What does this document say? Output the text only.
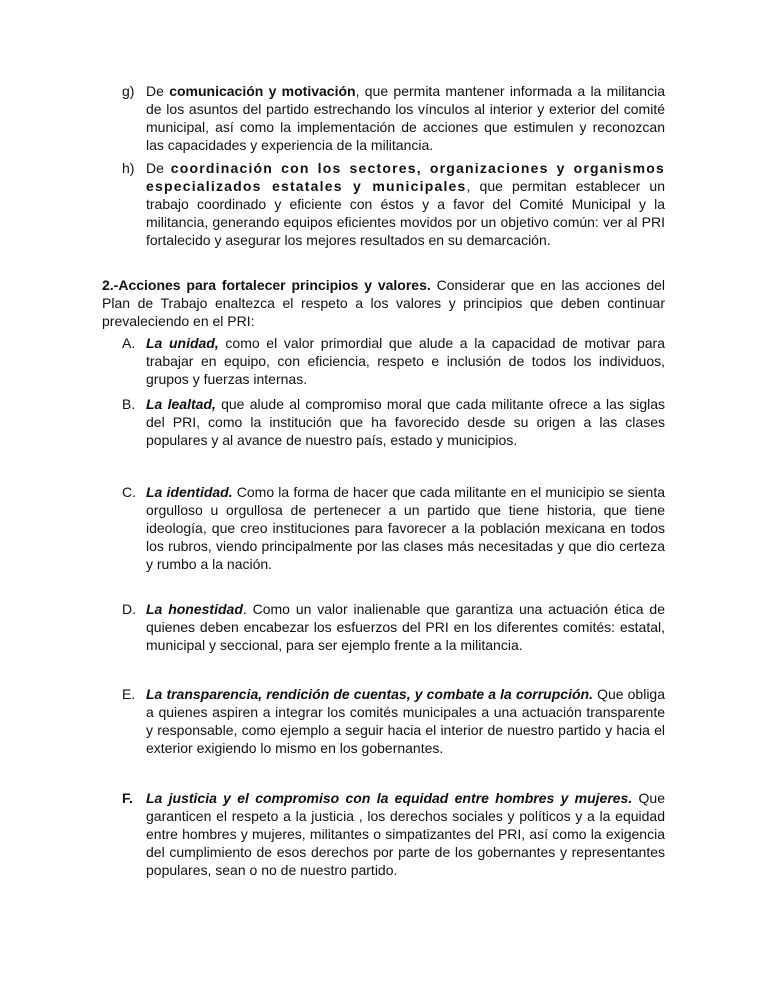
g) De comunicación y motivación, que permita mantener informada a la militancia de los asuntos del partido estrechando los vínculos al interior y exterior del comité municipal, así como la implementación de acciones que estimulen y reconozcan las capacidades y experiencia de la militancia.
h) De coordinación con los sectores, organizaciones y organismos especializados estatales y municipales, que permitan establecer un trabajo coordinado y eficiente con éstos y a favor del Comité Municipal y la militancia, generando equipos eficientes movidos por un objetivo común: ver al PRI fortalecido y asegurar los mejores resultados en su demarcación.
2.-Acciones para fortalecer principios y valores. Considerar que en las acciones del Plan de Trabajo enaltezca el respeto a los valores y principios que deben continuar prevaleciendo en el PRI:
A. La unidad, como el valor primordial que alude a la capacidad de motivar para trabajar en equipo, con eficiencia, respeto e inclusión de todos los individuos, grupos y fuerzas internas.
B. La lealtad, que alude al compromiso moral que cada militante ofrece a las siglas del PRI, como la institución que ha favorecido desde su origen a las clases populares y al avance de nuestro país, estado y municipios.
C. La identidad. Como la forma de hacer que cada militante en el municipio se sienta orgulloso u orgullosa de pertenecer a un partido que tiene historia, que tiene ideología, que creo instituciones para favorecer a la población mexicana en todos los rubros, viendo principalmente por las clases más necesitadas y que dio certeza y rumbo a la nación.
D. La honestidad. Como un valor inalienable que garantiza una actuación ética de quienes deben encabezar los esfuerzos del PRI en los diferentes comités: estatal, municipal y seccional, para ser ejemplo frente a la militancia.
E. La transparencia, rendición de cuentas, y combate a la corrupción. Que obliga a quienes aspiren a integrar los comités municipales a una actuación transparente y responsable, como ejemplo a seguir hacia el interior de nuestro partido y hacia el exterior exigiendo lo mismo en los gobernantes.
F. La justicia y el compromiso con la equidad entre hombres y mujeres. Que garanticen el respeto a la justicia , los derechos sociales y políticos y a la equidad entre hombres y mujeres, militantes o simpatizantes del PRI, así como la exigencia del cumplimiento de esos derechos por parte de los gobernantes y representantes populares, sean o no de nuestro partido.
